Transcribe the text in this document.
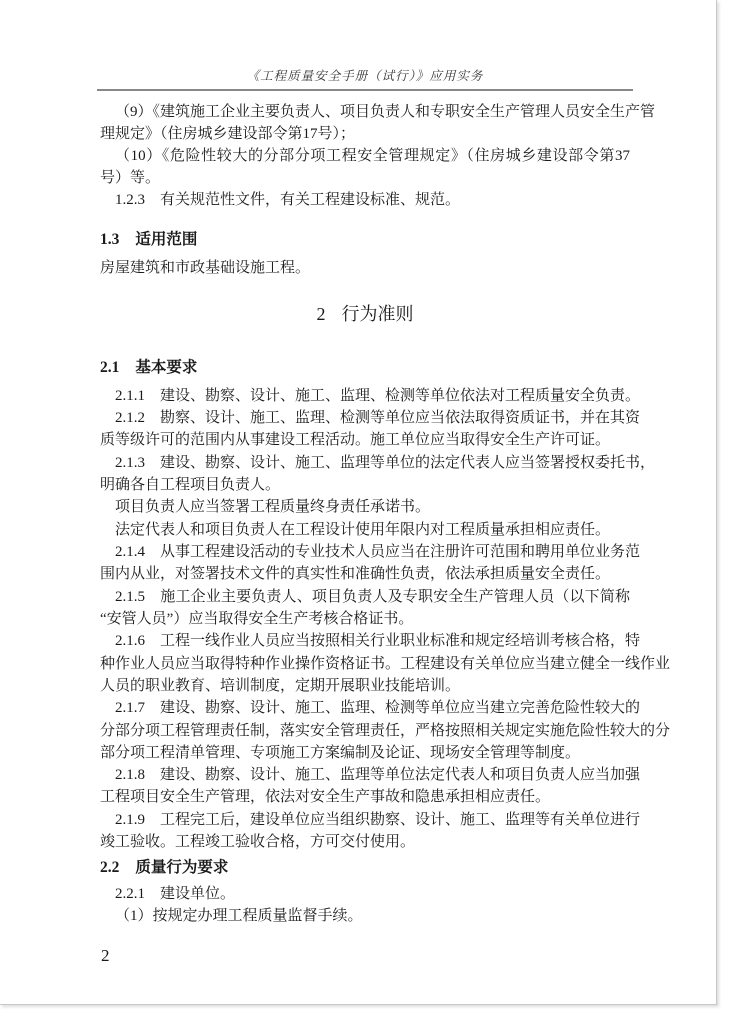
《工程质量安全手册（试行）》应用实务
（9）《建筑施工企业主要负责人、项目负责人和专职安全生产管理人员安全生产管
理规定》（住房城乡建设部令第17号）；
（10）《危险性较大的分部分项工程安全管理规定》（住房城乡建设部令第37
号）等。
1.2.3　有关规范性文件，有关工程建设标准、规范。
1.3 适用范围
房屋建筑和市政基础设施工程。
2 行为准则
2.1 基本要求
2.1.1　建设、勘察、设计、施工、监理、检测等单位依法对工程质量安全负责。
2.1.2　勘察、设计、施工、监理、检测等单位应当依法取得资质证书，并在其资
质等级许可的范围内从事建设工程活动。施工单位应当取得安全生产许可证。
2.1.3　建设、勘察、设计、施工、监理等单位的法定代表人应当签署授权委托书，
明确各自工程项目负责人。
项目负责人应当签署工程质量终身责任承诺书。
法定代表人和项目负责人在工程设计使用年限内对工程质量承担相应责任。
2.1.4　从事工程建设活动的专业技术人员应当在注册许可范围和聘用单位业务范
围内从业，对签署技术文件的真实性和准确性负责，依法承担质量安全责任。
2.1.5　施工企业主要负责人、项目负责人及专职安全生产管理人员（以下简称
“安管人员”）应当取得安全生产考核合格证书。
2.1.6　工程一线作业人员应当按照相关行业职业标准和规定经培训考核合格，特
种作业人员应当取得特种作业操作资格证书。工程建设有关单位应当建立健全一线作业
人员的职业教育、培训制度，定期开展职业技能培训。
2.1.7　建设、勘察、设计、施工、监理、检测等单位应当建立完善危险性较大的
分部分项工程管理责任制，落实安全管理责任，严格按照相关规定实施危险性较大的分
部分项工程清单管理、专项施工方案编制及论证、现场安全管理等制度。
2.1.8　建设、勘察、设计、施工、监理等单位法定代表人和项目负责人应当加强
工程项目安全生产管理，依法对安全生产事故和隐患承担相应责任。
2.1.9　工程完工后，建设单位应当组织勘察、设计、施工、监理等有关单位进行
竣工验收。工程竣工验收合格，方可交付使用。
2.2 质量行为要求
2.2.1　建设单位。
（1）按规定办理工程质量监督手续。
2
